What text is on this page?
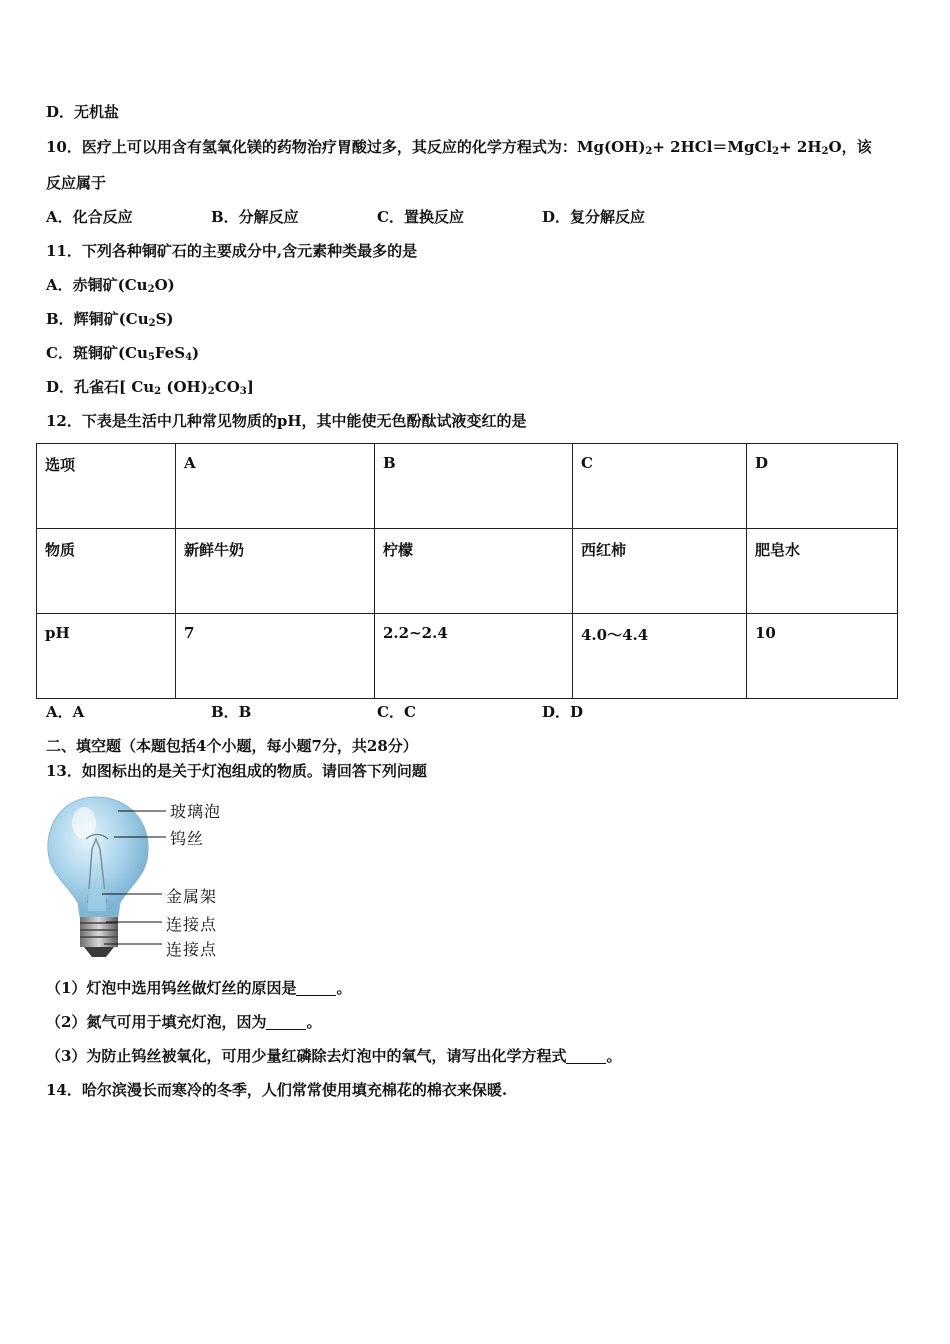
D．无机盐
10．医疗上可以用含有氢氧化镁的药物治疗胃酸过多，其反应的化学方程式为：$Mg(OH)_2+$ 2HCl＝MgCl$_2$+ $2H_2O$，该
反应属于
A．化合反应	B．分解反应	C．置换反应	D．复分解反应
11．下列各种铜矿石的主要成分中,含元素种类最多的是
A．赤铜矿$(Cu_2O)$
B．辉铜矿$(Cu_2S)$
C．斑铜矿$(Cu_5FeS_4)$
D．孔雀石[ $Cu_2$ $(OH)_2CO_3$]
12．下表是生活中几种常见物质的pH，其中能使无色酚酞试液变红的是
选项	A	B	C	D
物质	新鲜牛奶	柠檬	西红柿	肥皂水
pH	7	2.2~2.4	4.0～4.4	10
A．A	B．B	C．C	D．D
二、填空题（本题包括4个小题，每小题7分，共28分）
13．如图标出的是关于灯泡组成的物质。请回答下列问题
玻璃泡
钨丝
金属架
连接点
连接点
（1）灯泡中选用钨丝做灯丝的原因是	。
（2）氮气可用于填充灯泡，因为	。
（3）为防止钨丝被氧化，可用少量红磷除去灯泡中的氧气，请写出化学方程式	。
14．哈尔滨漫长而寒冷的冬季，人们常常使用填充棉花的棉衣来保暖.
